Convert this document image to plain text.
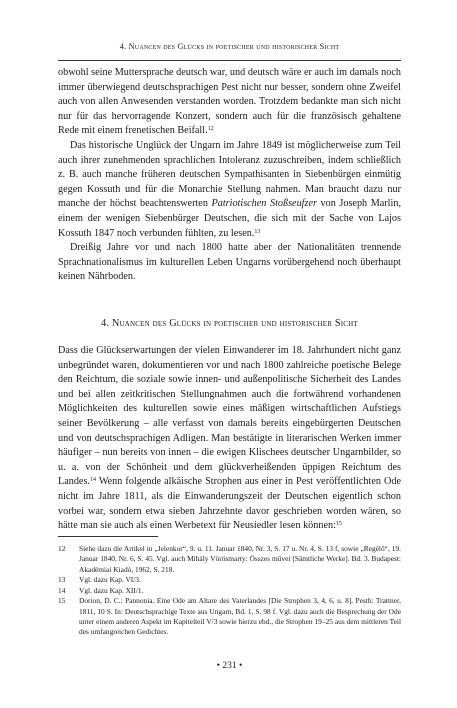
4. Nuancen des Glücks in poetischer und historischer Sicht

obwohl seine Muttersprache deutsch war, und deutsch wäre er auch im damals noch immer überwiegend deutschsprachigen Pest nicht nur besser, sondern ohne Zweifel auch von allen Anwesenden verstanden worden. Trotzdem bedankte man sich nicht nur für das hervorragende Konzert, sondern auch für die französisch gehaltene Rede mit einem frenetischen Beifall.$^{12}$

Das historische Unglück der Ungarn im Jahre 1849 ist möglicherweise zum Teil auch ihrer zunehmenden sprachlichen Intoleranz zuzuschreiben, indem schließlich z. B. auch manche früheren deutschen Sympathisanten in Siebenbürgen einmütig gegen Kossuth und für die Monarchie Stellung nahmen. Man braucht dazu nur manche der höchst beachtenswerten Patriotischen Stoßseufzer von Joseph Marlin, einem der wenigen Siebenbürger Deutschen, die sich mit der Sache von Lajos Kossuth 1847 noch verbunden fühlten, zu lesen.$^{13}$

Dreißig Jahre vor und nach 1800 hatte aber der Nationalitäten trennende Sprachnationalismus im kulturellen Leben Ungarns vorübergehend noch überhaupt keinen Nährboden.

4. Nuancen des Glücks in poetischer und historischer Sicht

Dass die Glückserwartungen der vielen Einwanderer im 18. Jahrhundert nicht ganz unbegründet waren, dokumentieren vor und nach 1800 zahlreiche poetische Belege den Reichtum, die soziale sowie innen- und außenpolitische Sicherheit des Landes und bei allen zeitkritischen Stellungnahmen auch die fortwährend vorhandenen Möglichkeiten des kulturellen sowie eines mäßigen wirtschaftlichen Aufstiegs seiner Bevölkerung – alle verfasst von damals bereits eingebürgerten Deutschen und von deutschsprachigen Adligen. Man bestätigte in literarischen Werken immer häufiger – nun bereits von innen – die ewigen Klischees deutscher Ungarnbilder, so u. a. von der Schönheit und dem glückverheißenden üppigen Reichtum des Landes.$^{14}$ Wenn folgende alkäische Strophen aus einer in Pest veröffentlichten Ode nicht im Jahre 1811, als die Einwanderungszeit der Deutschen eigentlich schon vorbei war, sondern etwa sieben Jahrzehnte davor geschrieben worden wären, so hätte man sie auch als einen Werbetext für Neusiedler lesen können:$^{15}$

12 Siehe dazu die Artikel in „Jelenkor“, 9. u. 11. Januar 1840, Nr. 3, S. 17 u. Nr. 4, S. 13 f, sowie „Regélő“, 19. Januar 1840, Nr. 6, S. 45. Vgl. auch Mihály Vörösmarty: Összes művei [Sämtliche Werke]. Bd. 3. Budapest: Akadémiai Kiadó, 1962, S. 218.
13 Vgl. dazu Kap. VI/3.
14 Vgl. dazu Kap. XII/1.
15 Dorion, D. C.: Pannonia. Eine Ode am Altare des Vaterlandes [Die Strophen 3, 4, 6, u. 8]. Pesth: Trattner, 1811, 10 S. In: Deutschsprachige Texte aus Ungarn, Bd. 1, S. 98 f. Vgl. dazu auch die Besprechung der Ode unter einem anderen Aspekt im Kapitelteil V/3 sowie hierzu ebd., die Strophen 19–25 aus dem mittleren Teil des umfangreichen Gedichtes.
• 231 •
